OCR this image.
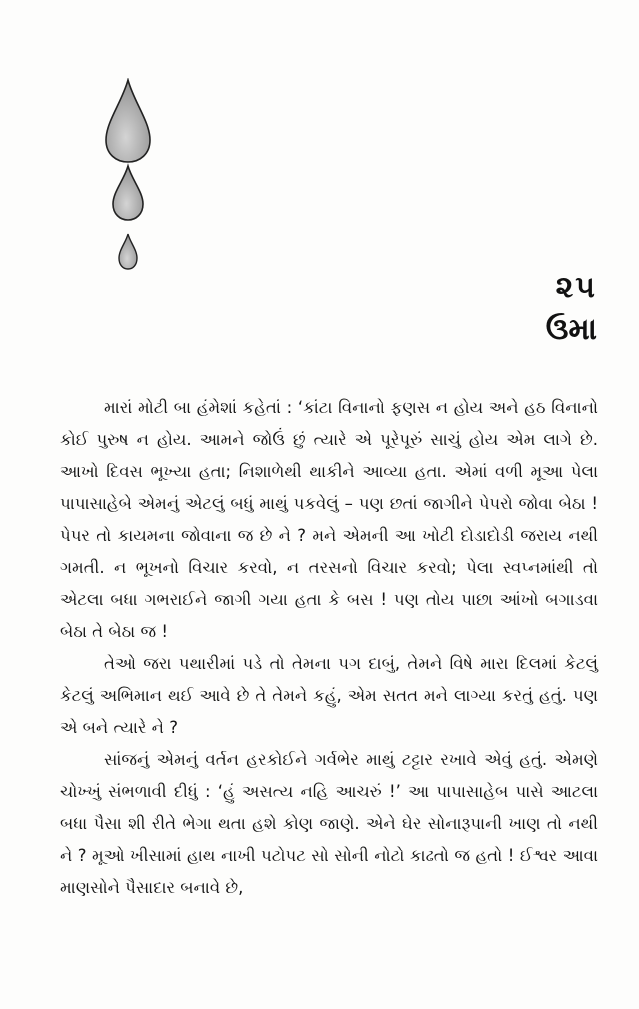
૨૫
ઉમા

મારાં મોટી બા હંમેશાં કહેતાં : ‘કાંટા વિનાનો ફણસ ન હોય અને હઠ વિનાનો કોઈ પુરુષ ન હોય. આમને જોઉં છું ત્યારે એ પૂરેપૂરું સાચું હોય એમ લાગે છે. આખો દિવસ ભૂખ્યા હતા; નિશાળેથી થાકીને આવ્યા હતા. એમાં વળી મૂઆ પેલા પાપાસાહેબે એમનું એટલું બધું માથું પકવેલું – પણ છતાં જાગીને પેપરો જોવા બેઠા ! પેપર તો કાયમના જોવાના જ છે ને ? મને એમની આ ખોટી દોડાદોડી જરાય નથી ગમતી. ન ભૂખનો વિચાર કરવો, ન તરસનો વિચાર કરવો; પેલા સ્વપ્નમાંથી તો એટલા બધા ગભરાઈને જાગી ગયા હતા કે બસ ! પણ તોય પાછા આંખો બગાડવા બેઠા તે બેઠા જ !

તેઓ જરા પથારીમાં પડે તો તેમના પગ દાબું, તેમને વિષે મારા દિલમાં કેટલું કેટલું અભિમાન થઈ આવે છે તે તેમને કહું, એમ સતત મને લાગ્યા કરતું હતું. પણ એ બને ત્યારે ને ?

સાંજનું એમનું વર્તન હરકોઈને ગર્વભેર માથું ટટ્ટાર રખાવે એવું હતું. એમણે ચોખ્ખું સંભળાવી દીધું : ‘હું અસત્ય નહિ આચરું !’ આ પાપાસાહેબ પાસે આટલા બધા પૈસા શી રીતે ભેગા થતા હશે કોણ જાણે. એને ઘેર સોનારૂપાની ખાણ તો નથી ને ? મૂઓ ખીસામાં હાથ નાખી પટોપટ સો સોની નોટો કાઢતો જ હતો ! ઈશ્વર આવા માણસોને પૈસાદાર બનાવે છે,
